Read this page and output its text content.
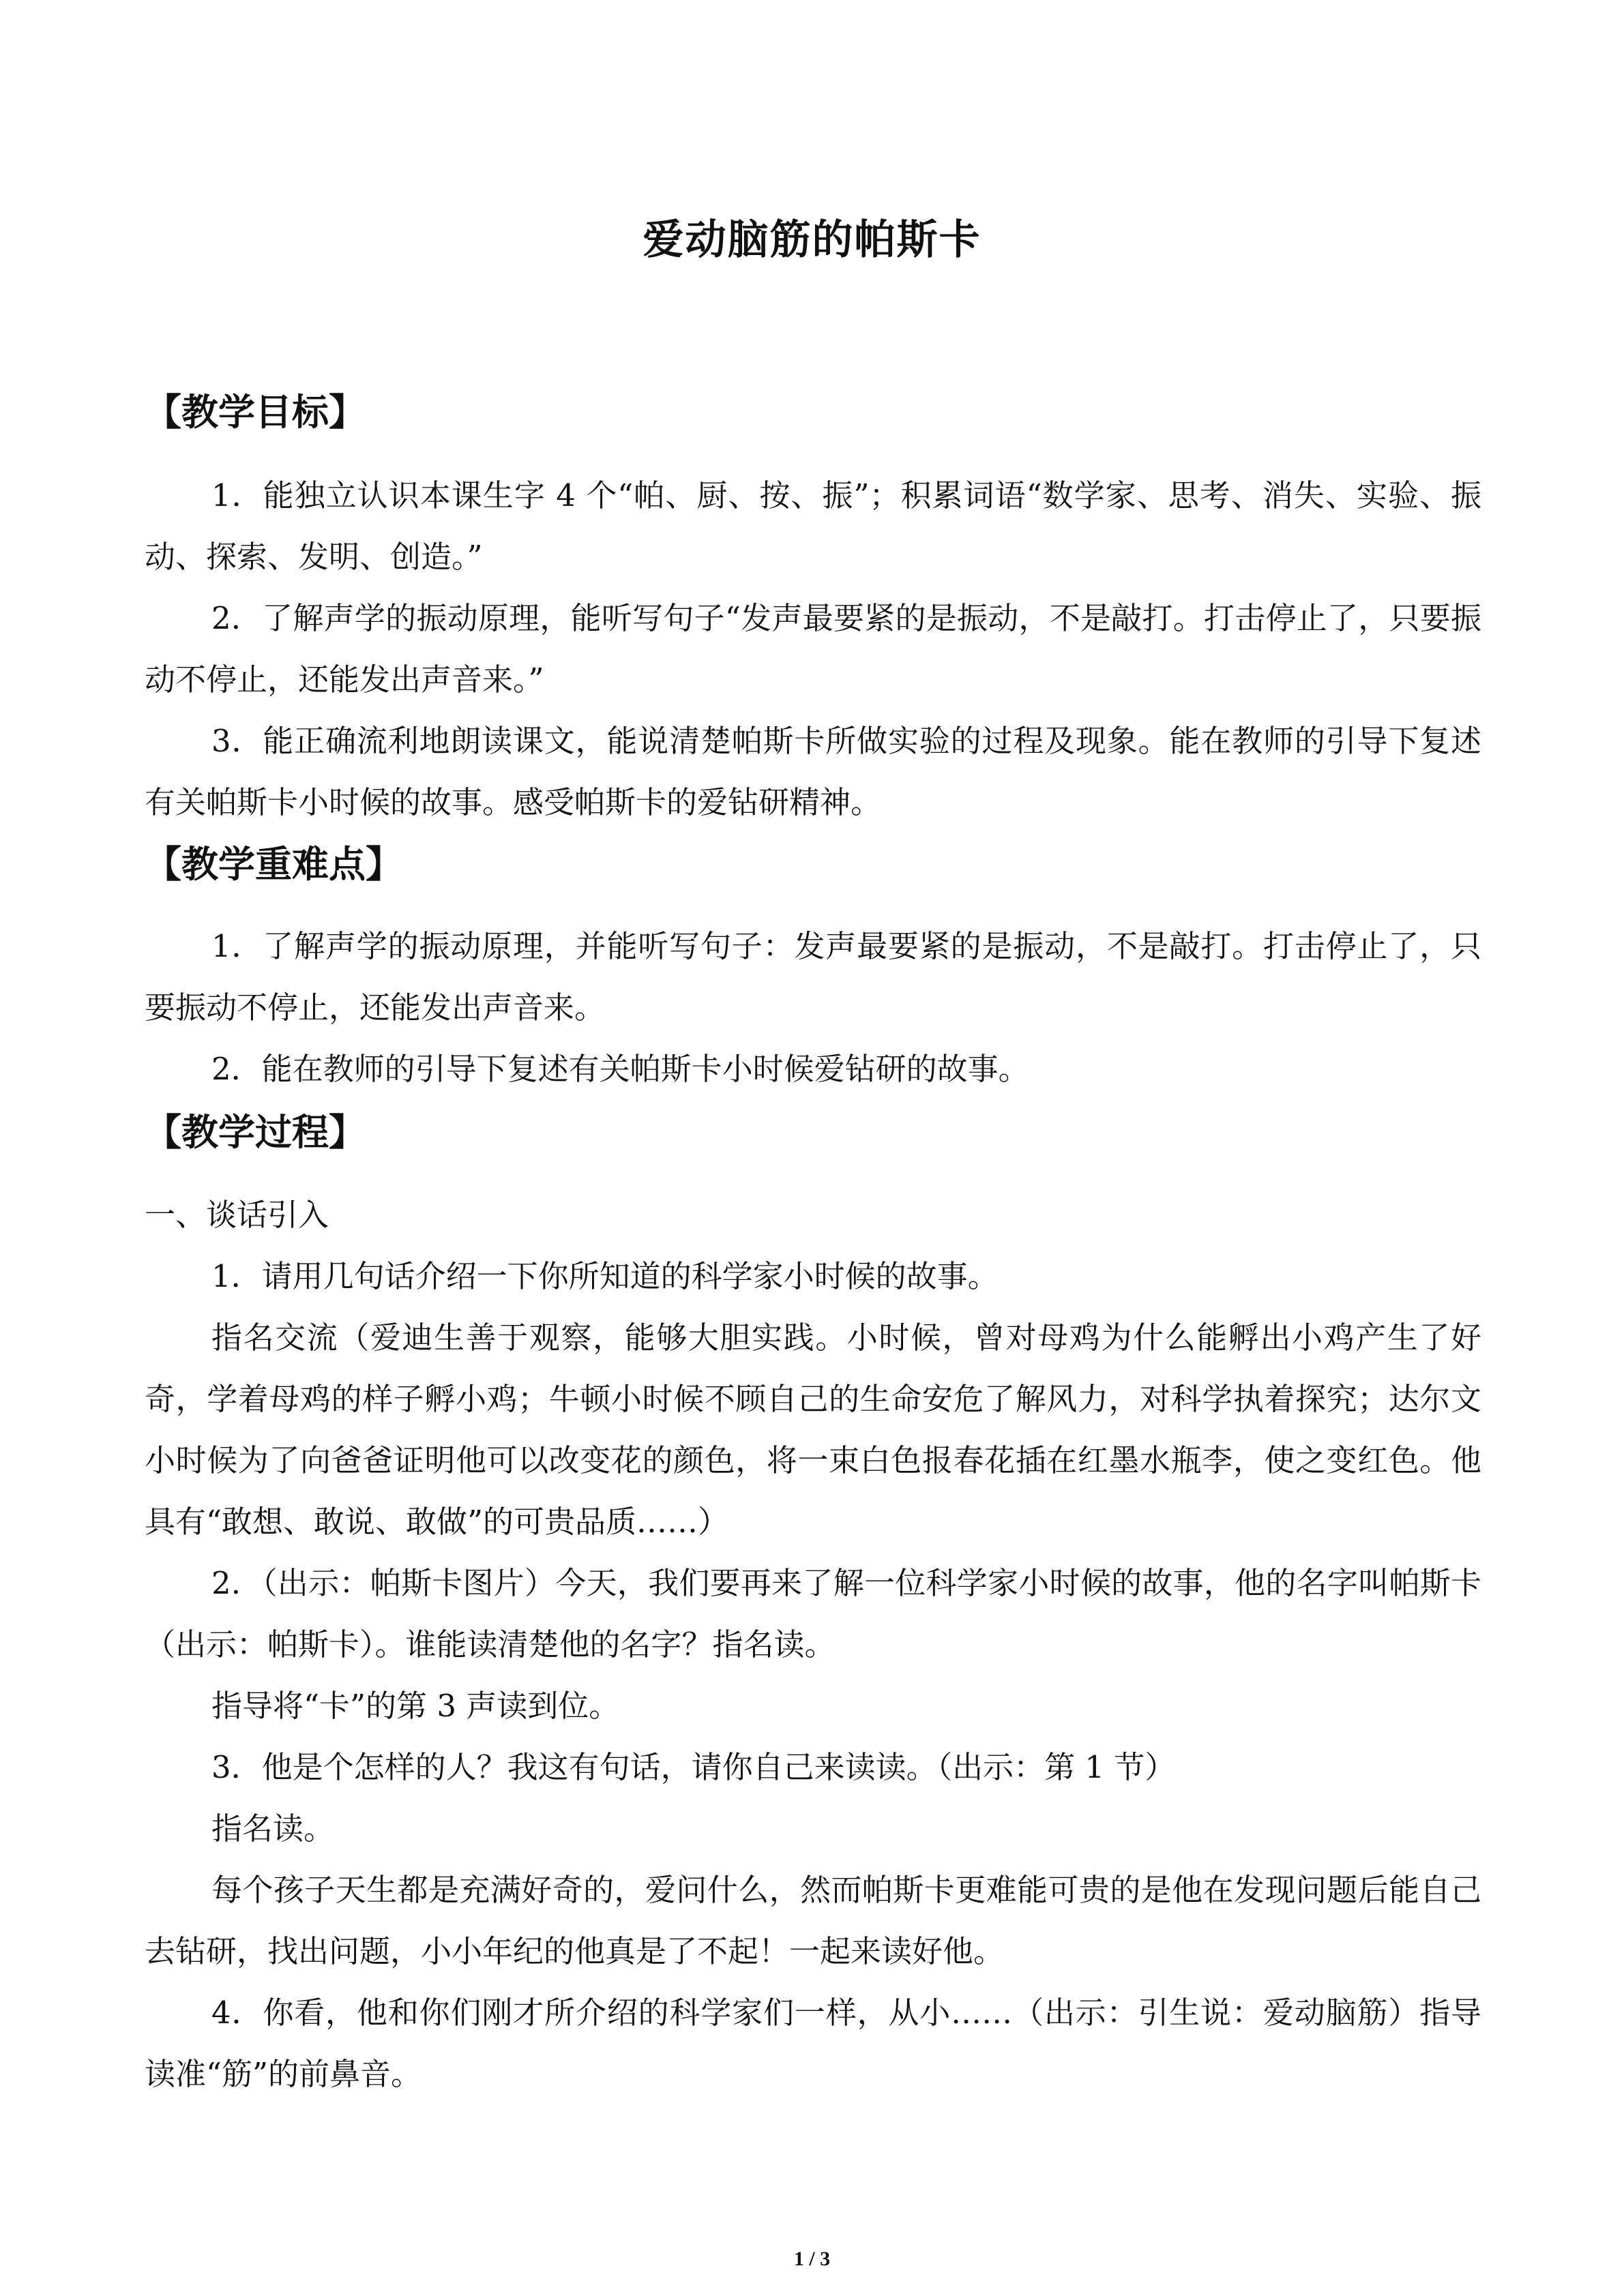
爱动脑筋的帕斯卡
【教学目标】
1．能独立认识本课生字 4 个“帕、厨、按、振”；积累词语“数学家、思考、消失、实验、振动、探索、发明、创造。”
2．了解声学的振动原理，能听写句子“发声最要紧的是振动，不是敲打。打击停止了，只要振动不停止，还能发出声音来。”
3．能正确流利地朗读课文，能说清楚帕斯卡所做实验的过程及现象。能在教师的引导下复述有关帕斯卡小时候的故事。感受帕斯卡的爱钻研精神。
【教学重难点】
1．了解声学的振动原理，并能听写句子：发声最要紧的是振动，不是敲打。打击停止了，只要振动不停止，还能发出声音来。
2．能在教师的引导下复述有关帕斯卡小时候爱钻研的故事。
【教学过程】
一、谈话引入
1．请用几句话介绍一下你所知道的科学家小时候的故事。
指名交流（爱迪生善于观察，能够大胆实践。小时候，曾对母鸡为什么能孵出小鸡产生了好奇，学着母鸡的样子孵小鸡；牛顿小时候不顾自己的生命安危了解风力，对科学执着探究；达尔文小时候为了向爸爸证明他可以改变花的颜色，将一束白色报春花插在红墨水瓶李，使之变红色。他具有“敢想、敢说、敢做”的可贵品质……）
2．（出示：帕斯卡图片）今天，我们要再来了解一位科学家小时候的故事，他的名字叫帕斯卡（出示：帕斯卡）。谁能读清楚他的名字？指名读。
指导将“卡”的第 3 声读到位。
3．他是个怎样的人？我这有句话，请你自己来读读。（出示：第 1 节）
指名读。
每个孩子天生都是充满好奇的，爱问什么，然而帕斯卡更难能可贵的是他在发现问题后能自己去钻研，找出问题，小小年纪的他真是了不起！一起来读好他。
4．你看，他和你们刚才所介绍的科学家们一样，从小……（出示：引生说：爱动脑筋）指导读准“筋”的前鼻音。
1 / 3
